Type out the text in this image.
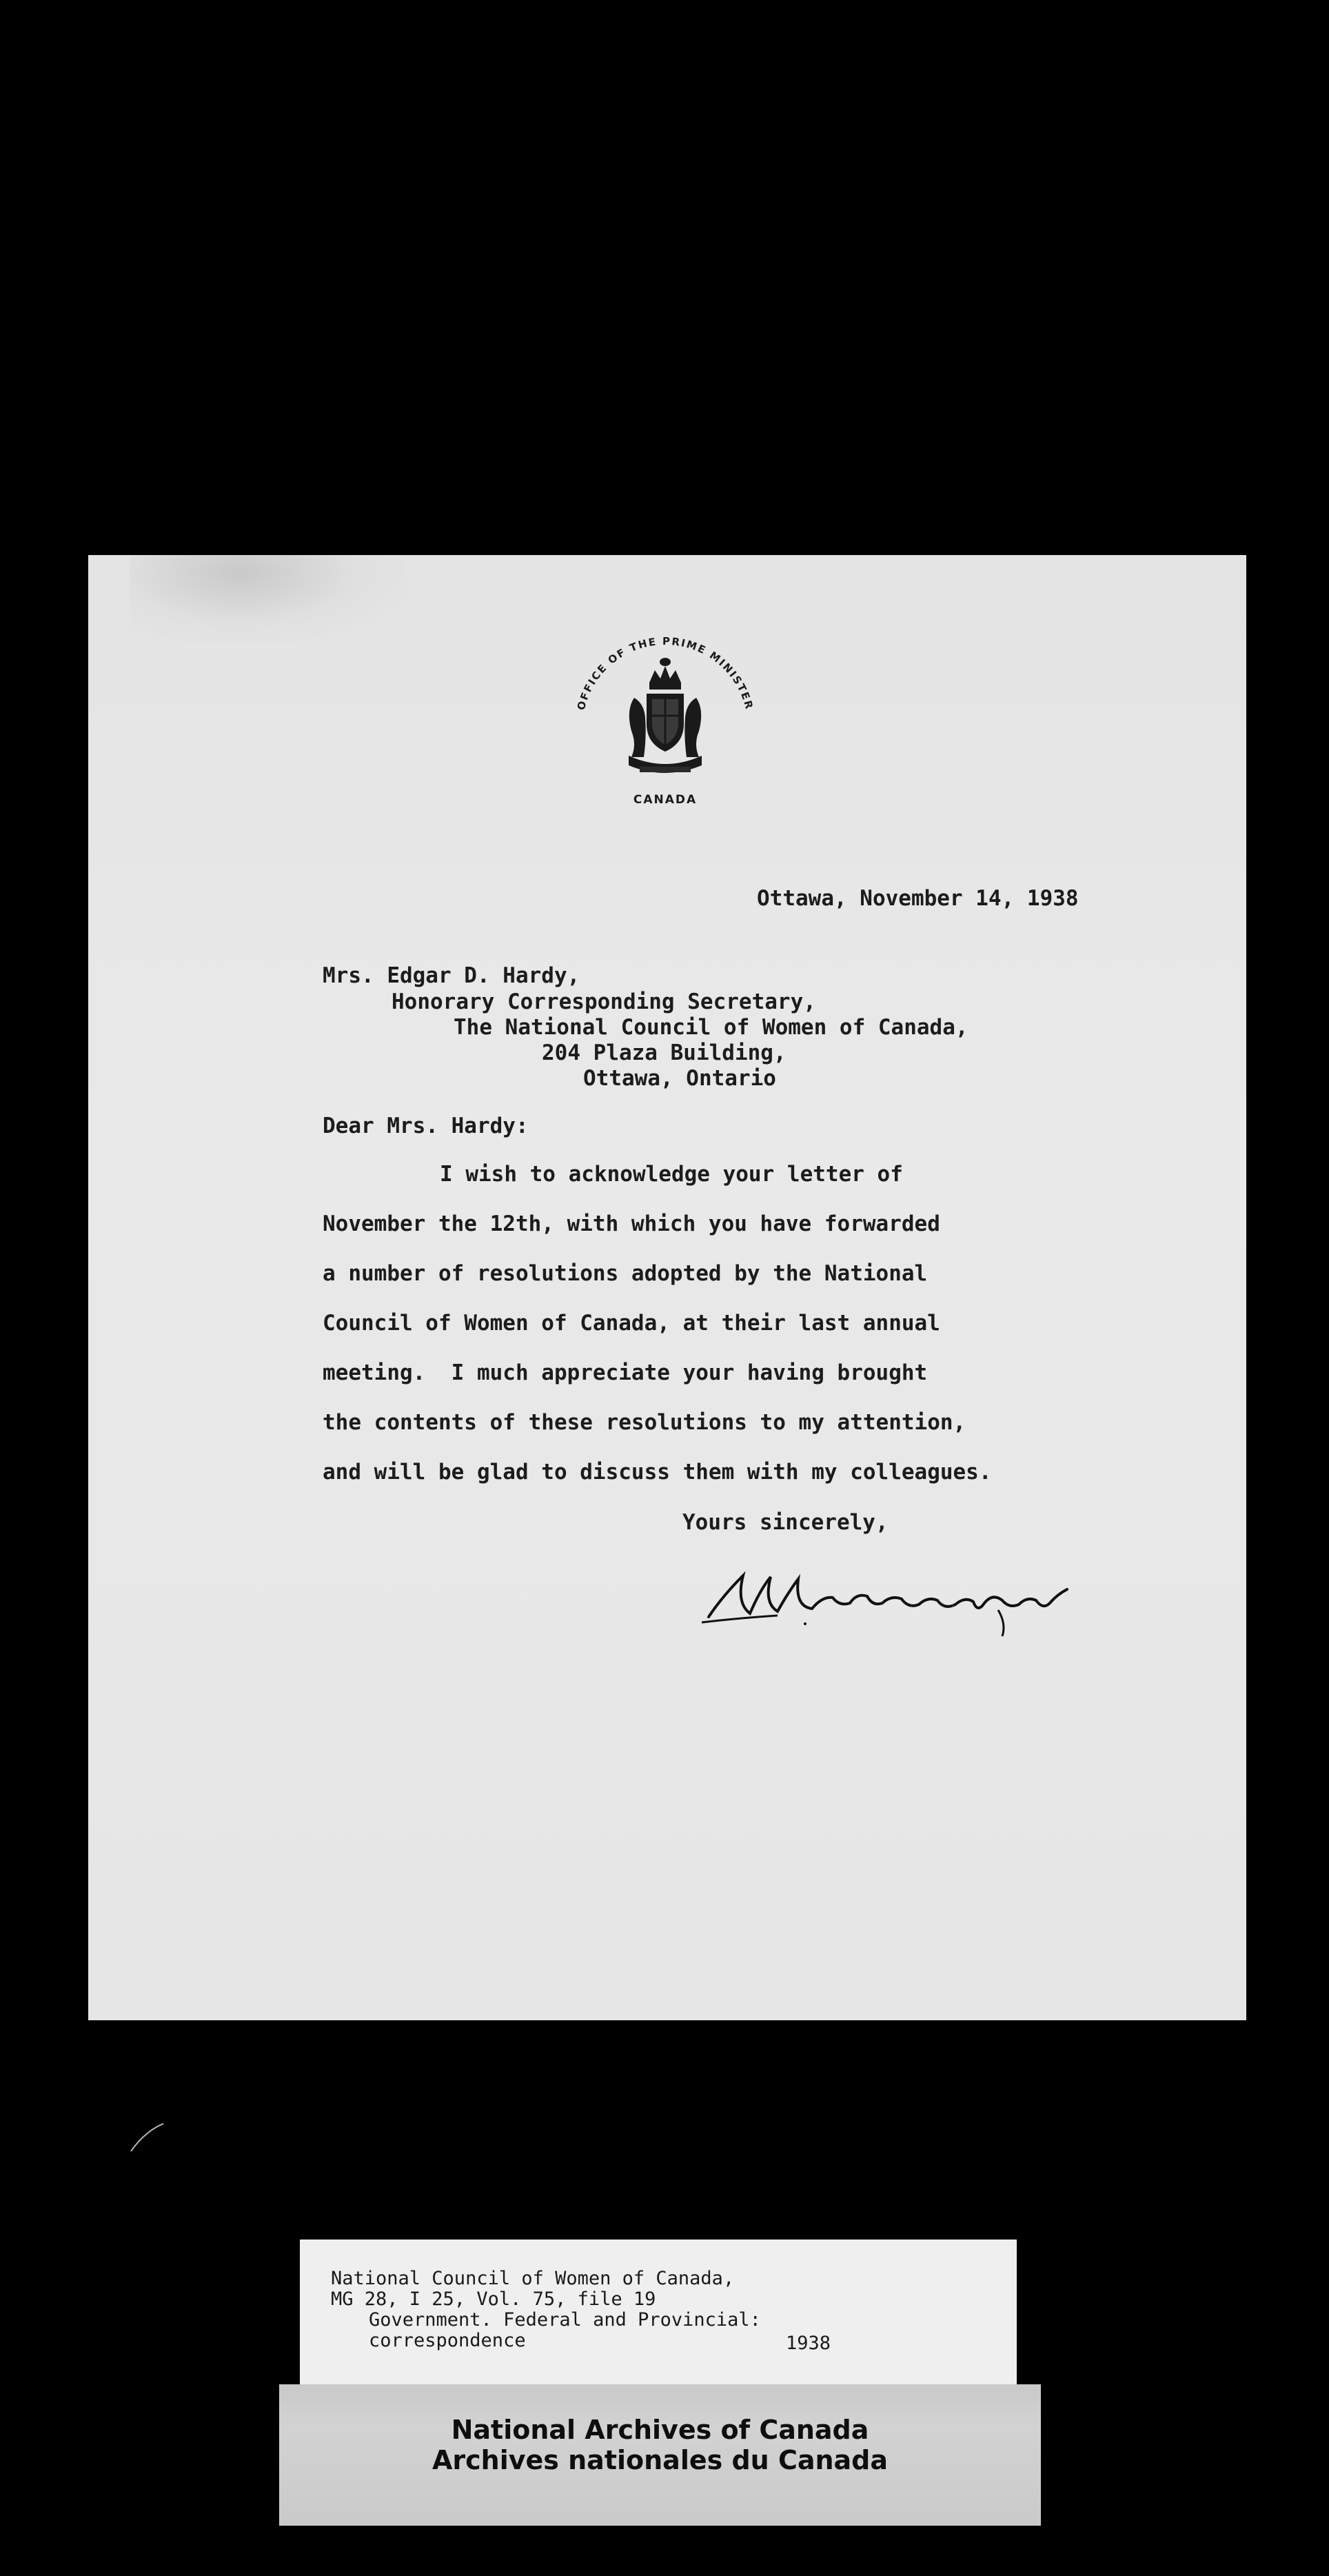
OFFICE OF THE PRIME MINISTER
CANADA
Ottawa, November 14, 1938
Mrs. Edgar D. Hardy,
Honorary Corresponding Secretary,
The National Council of Women of Canada,
204 Plaza Building,
Ottawa, Ontario
Dear Mrs. Hardy:
I wish to acknowledge your letter of
November the 12th, with which you have forwarded
a number of resolutions adopted by the National
Council of Women of Canada, at their last annual
meeting.  I much appreciate your having brought
the contents of these resolutions to my attention,
and will be glad to discuss them with my colleagues.
Yours sincerely,
National Council of Women of Canada,
MG 28, I 25, Vol. 75, file 19
Government. Federal and Provincial:
correspondence	1938
National Archives of Canada
Archives nationales du Canada
